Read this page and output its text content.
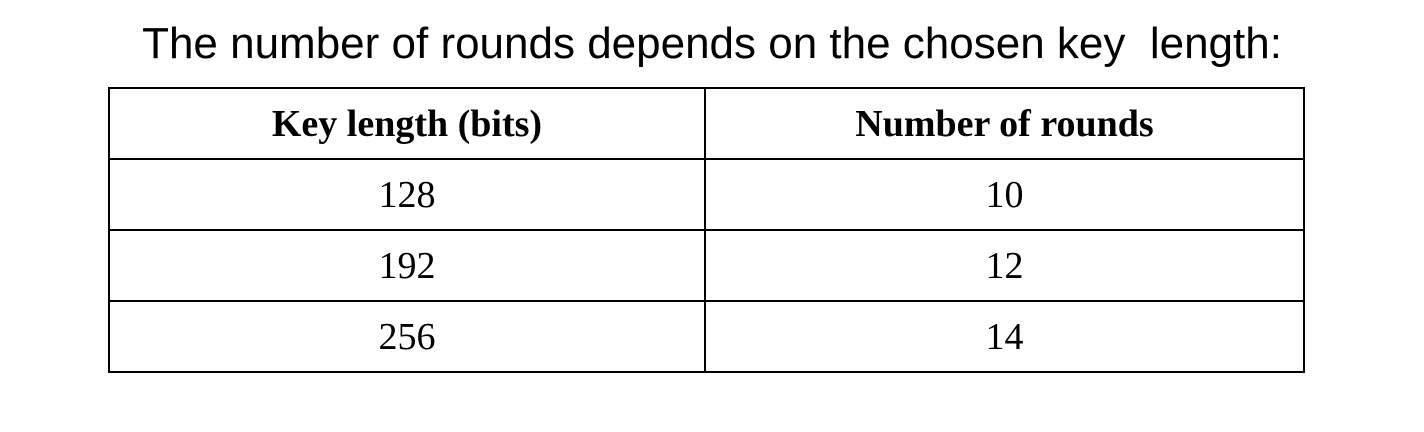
The number of rounds depends on the chosen key  length:
Key length (bits)	Number of rounds
128	10
192	12
256	14
